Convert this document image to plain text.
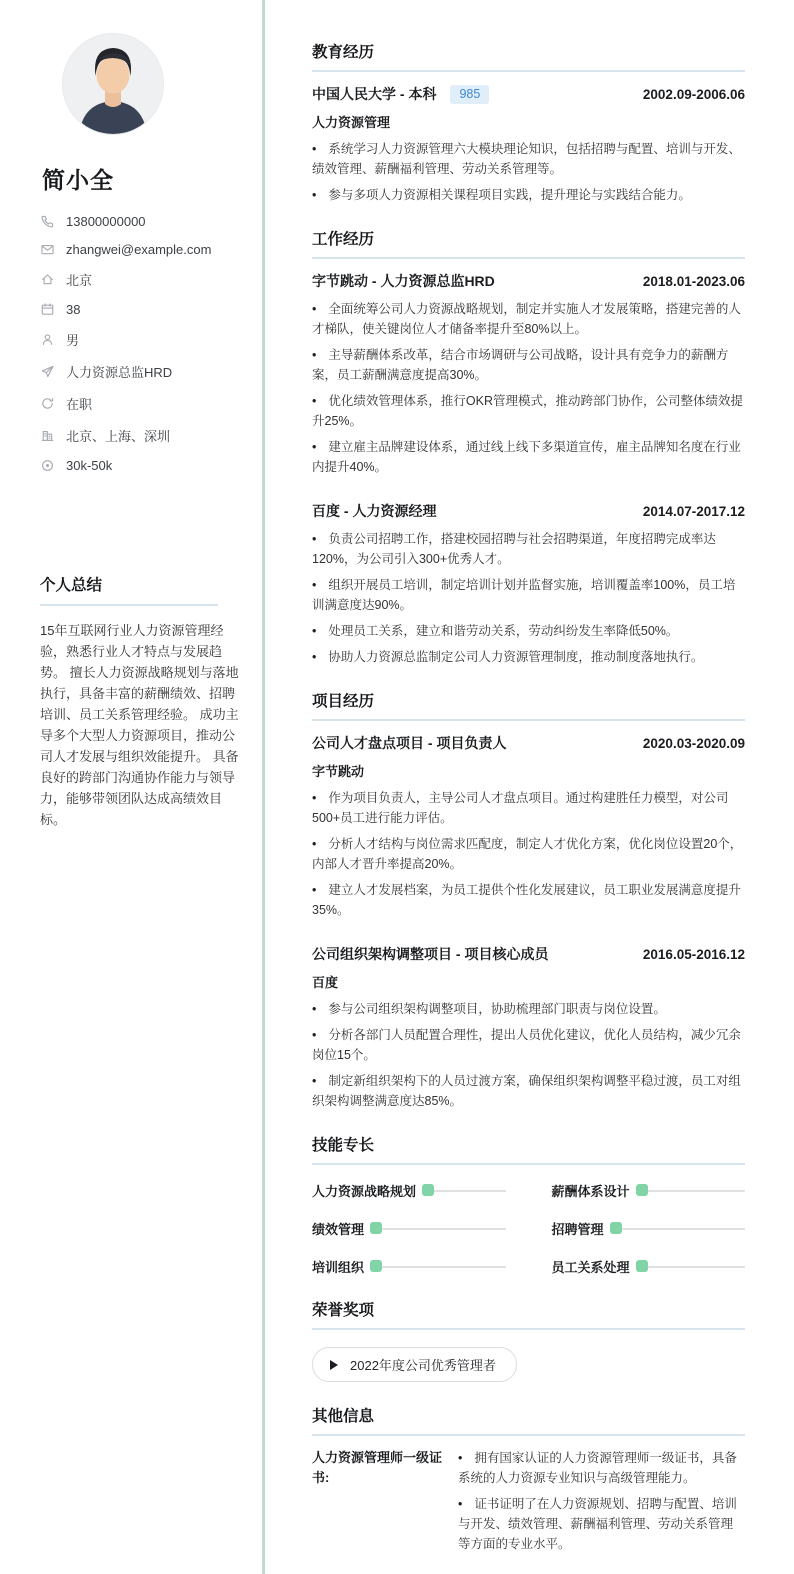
简小全
13800000000
zhangwei@example.com
北京
38
男
人力资源总监HRD
在职
北京、上海、深圳
30k-50k
个人总结

15年互联网行业人力资源管理经验，熟悉行业人才特点与发展趋势。 擅长人力资源战略规划与落地执行，具备丰富的薪酬绩效、招聘培训、员工关系管理经验。 成功主导多个大型人力资源项目，推动公司人才发展与组织效能提升。 具备良好的跨部门沟通协作能力与领导力，能够带领团队达成高绩效目标。

教育经历
中国人民大学 - 本科	985	2002.09-2006.06
人力资源管理
• 系统学习人力资源管理六大模块理论知识，包括招聘与配置、培训与开发、绩效管理、薪酬福利管理、劳动关系管理等。
• 参与多项人力资源相关课程项目实践，提升理论与实践结合能力。
工作经历
字节跳动 - 人力资源总监HRD	2018.01-2023.06
• 全面统筹公司人力资源战略规划，制定并实施人才发展策略，搭建完善的人才梯队，使关键岗位人才储备率提升至80%以上。
• 主导薪酬体系改革，结合市场调研与公司战略，设计具有竞争力的薪酬方案，员工薪酬满意度提高30%。
• 优化绩效管理体系，推行OKR管理模式，推动跨部门协作，公司整体绩效提升25%。
• 建立雇主品牌建设体系，通过线上线下多渠道宣传，雇主品牌知名度在行业内提升40%。
百度 - 人力资源经理	2014.07-2017.12
• 负责公司招聘工作，搭建校园招聘与社会招聘渠道，年度招聘完成率达120%，为公司引入300+优秀人才。
• 组织开展员工培训，制定培训计划并监督实施，培训覆盖率100%，员工培训满意度达90%。
• 处理员工关系，建立和谐劳动关系，劳动纠纷发生率降低50%。
• 协助人力资源总监制定公司人力资源管理制度，推动制度落地执行。
项目经历
公司人才盘点项目 - 项目负责人	2020.03-2020.09
字节跳动
• 作为项目负责人，主导公司人才盘点项目。通过构建胜任力模型，对公司500+员工进行能力评估。
• 分析人才结构与岗位需求匹配度，制定人才优化方案，优化岗位设置20个，内部人才晋升率提高20%。
• 建立人才发展档案，为员工提供个性化发展建议，员工职业发展满意度提升35%。
公司组织架构调整项目 - 项目核心成员	2016.05-2016.12
百度
• 参与公司组织架构调整项目，协助梳理部门职责与岗位设置。
• 分析各部门人员配置合理性，提出人员优化建议，优化人员结构，减少冗余岗位15个。
• 制定新组织架构下的人员过渡方案，确保组织架构调整平稳过渡，员工对组织架构调整满意度达85%。
技能专长
人力资源战略规划	薪酬体系设计
绩效管理	招聘管理
培训组织	员工关系处理
荣誉奖项
2022年度公司优秀管理者
其他信息
人力资源管理师一级证书:
• 拥有国家认证的人力资源管理师一级证书，具备系统的人力资源专业知识与高级管理能力。
• 证书证明了在人力资源规划、招聘与配置、培训与开发、绩效管理、薪酬福利管理、劳动关系管理等方面的专业水平。
